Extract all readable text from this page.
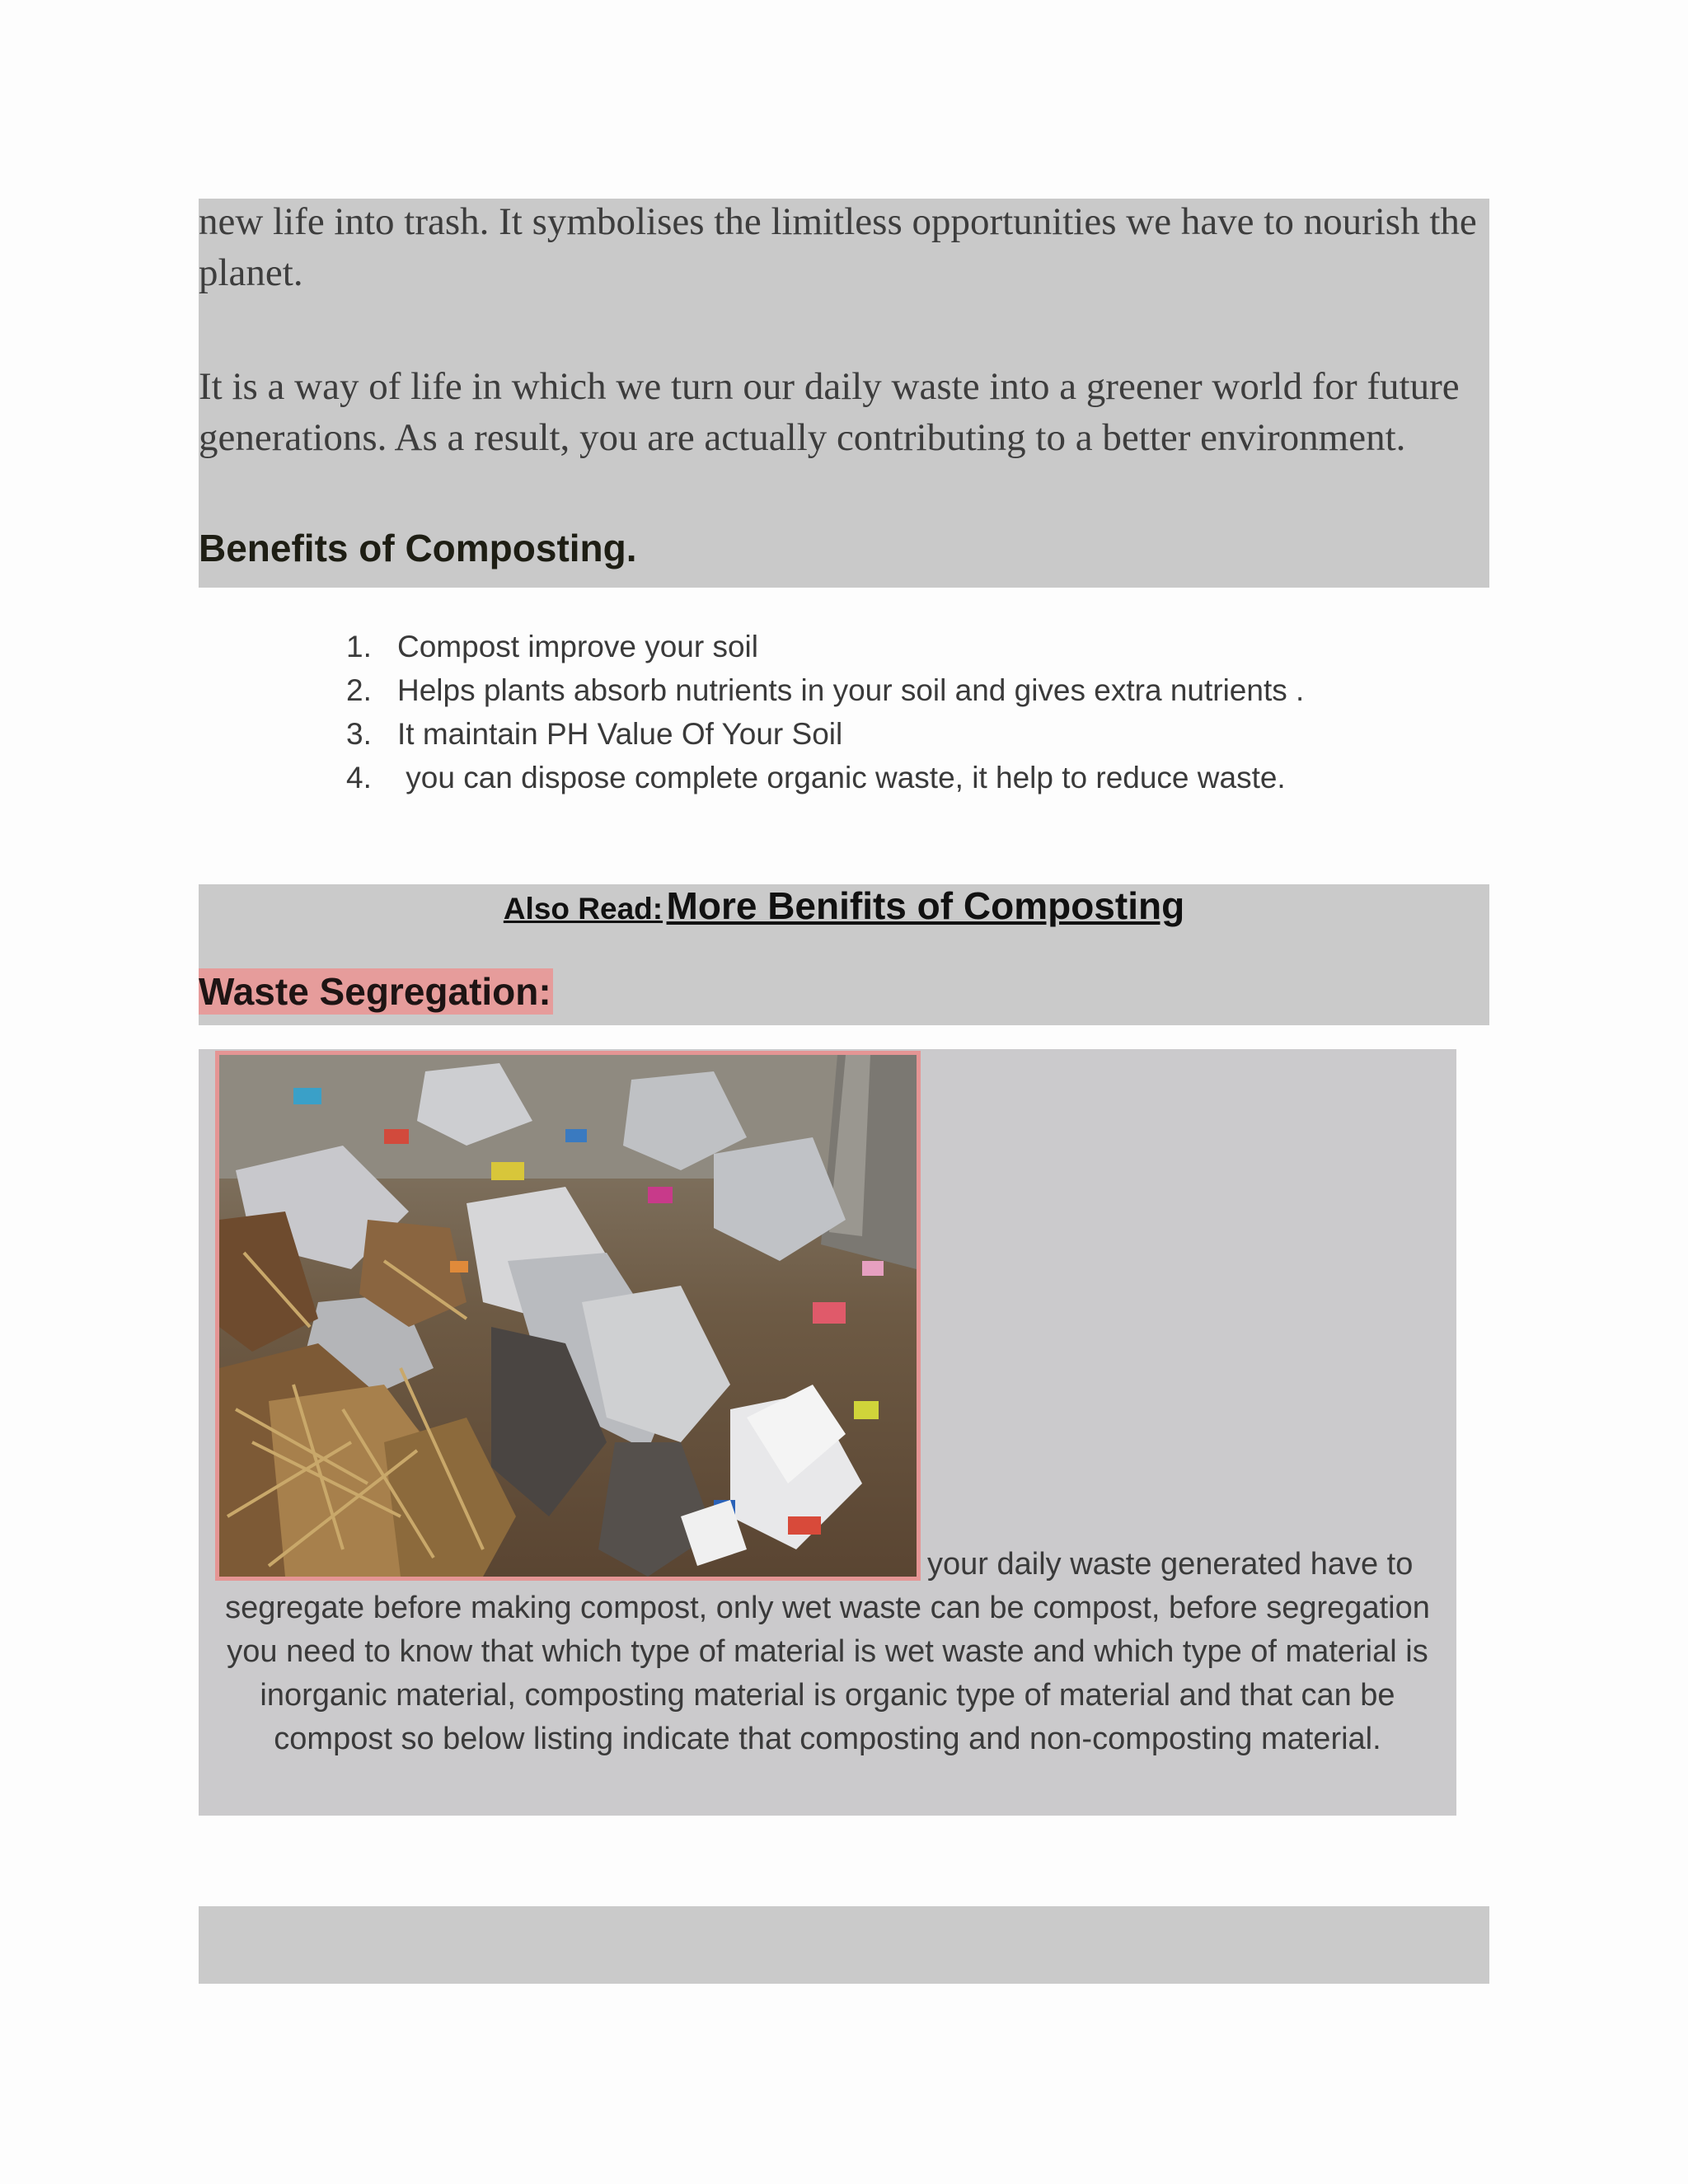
new life into trash. It symbolises the limitless opportunities we have to nourish the planet.

It is a way of life in which we turn our daily waste into a greener world for future generations. As a result, you are actually contributing to a better environment.

Benefits of Composting.
1. Compost improve your soil
2. Helps plants absorb nutrients in your soil and gives extra nutrients .
3. It maintain PH Value Of Your Soil
4. you can dispose complete organic waste, it help to reduce waste.
Also Read: More Benifits of Composting
Waste Segregation:

your daily waste generated have to
segregate before making compost, only wet waste can be compost, before segregation you need to know that which type of material is wet waste and which type of material is inorganic material, composting material is organic type of material and that can be compost so below listing indicate that composting and non-composting material.
